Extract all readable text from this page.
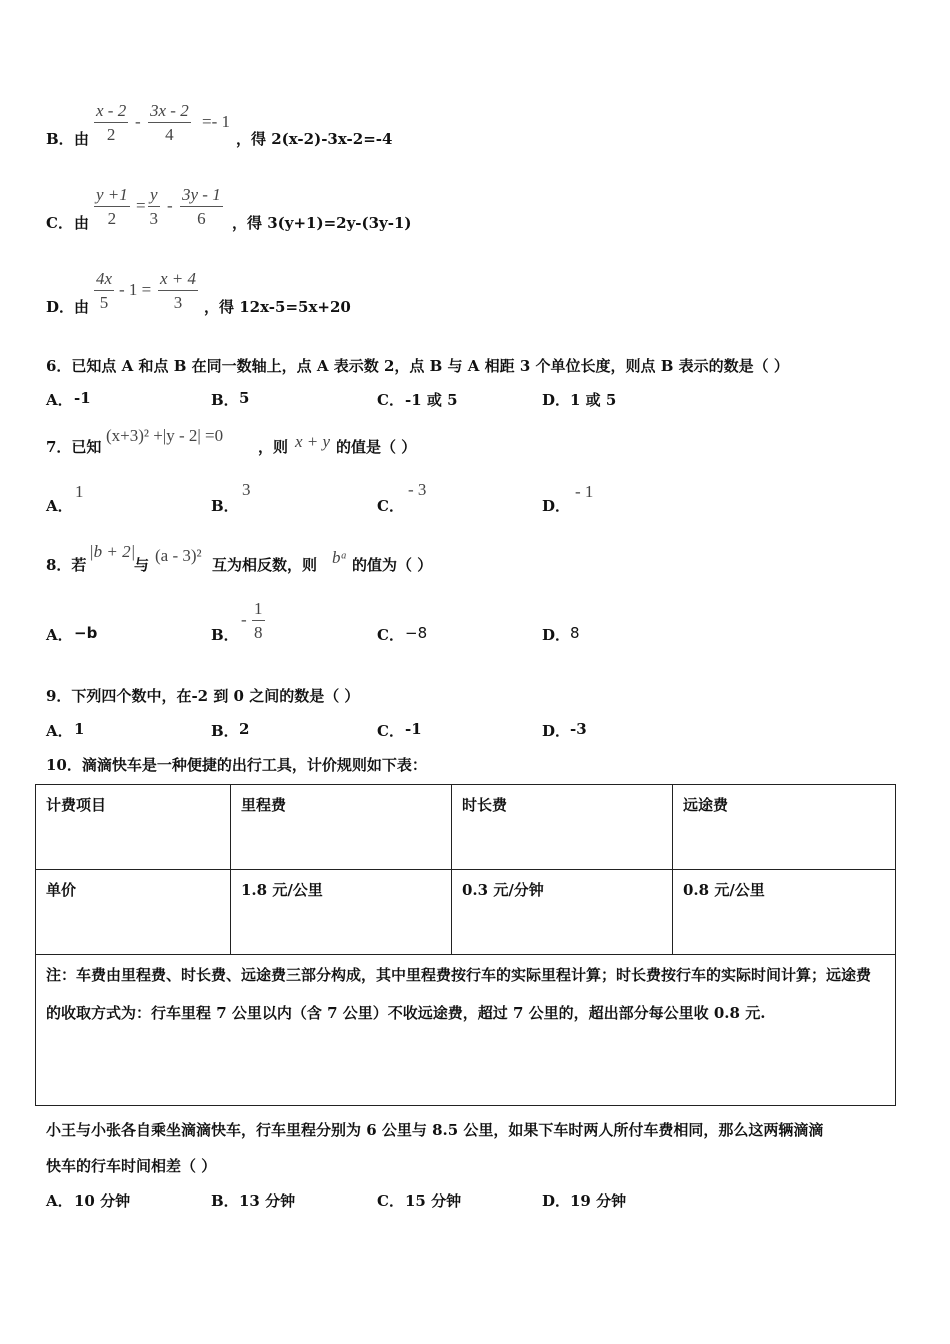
B． 由 $\frac{x - 2}{2} - \frac{3x - 2}{4} =- 1$
，得 2(x-2)-3x-2=-4
C． 由 $\frac{y +1}{2} = \frac{y}{3} - \frac{3y - 1}{6}$ ，得 3(y+1)=2y-(3y-1)
D． 由 $\frac{4x}{5} - 1 = \frac{x + 4}{3}$ ，得 12x-5=5x+20
6．已知点 A 和点 B 在同一数轴上，点 A 表示数 2，点 B 与 A 相距 3 个单位长度，则点 B 表示的数是（ ）
A． -1	B． 5	C． -1 或 5	D． 1 或 5
7．已知
(x+3)² +|y - 2| =0
，则 x + y 的值是（ ）
A．
1
B．
3
C．
- 3
D．
- 1
8．若
|b + 2|
与 (a - 3)² 互为相反数，则 bᵃ 的值为（ ）
A． −b	B．
- $\frac{1}{8}$	C． −8	D． 8
9．下列四个数中，在-2 到 0 之间的数是（ ）
A． 1	B． 2	C． -1	D． -3
10．滴滴快车是一种便捷的出行工具，计价规则如下表：
计费项目	里程费	时长费	远途费
单价	1.8 元/公里	0.3 元/分钟	0.8 元/公里
注：车费由里程费、时长费、远途费三部分构成，其中里程费按行车的实际里程计算；时长费按行车的实际时间计算；远途费的收取方式为：行车里程 7 公里以内（含 7 公里）不收远途费，超过 7 公里的，超出部分每公里收 0.8 元.			
小王与小张各自乘坐滴滴快车，行车里程分别为 6 公里与 8.5 公里，如果下车时两人所付车费相同，那么这两辆滴滴
快车的行车时间相差（ ）
A． 10 分钟	B． 13 分钟	C． 15 分钟	D． 19 分钟
